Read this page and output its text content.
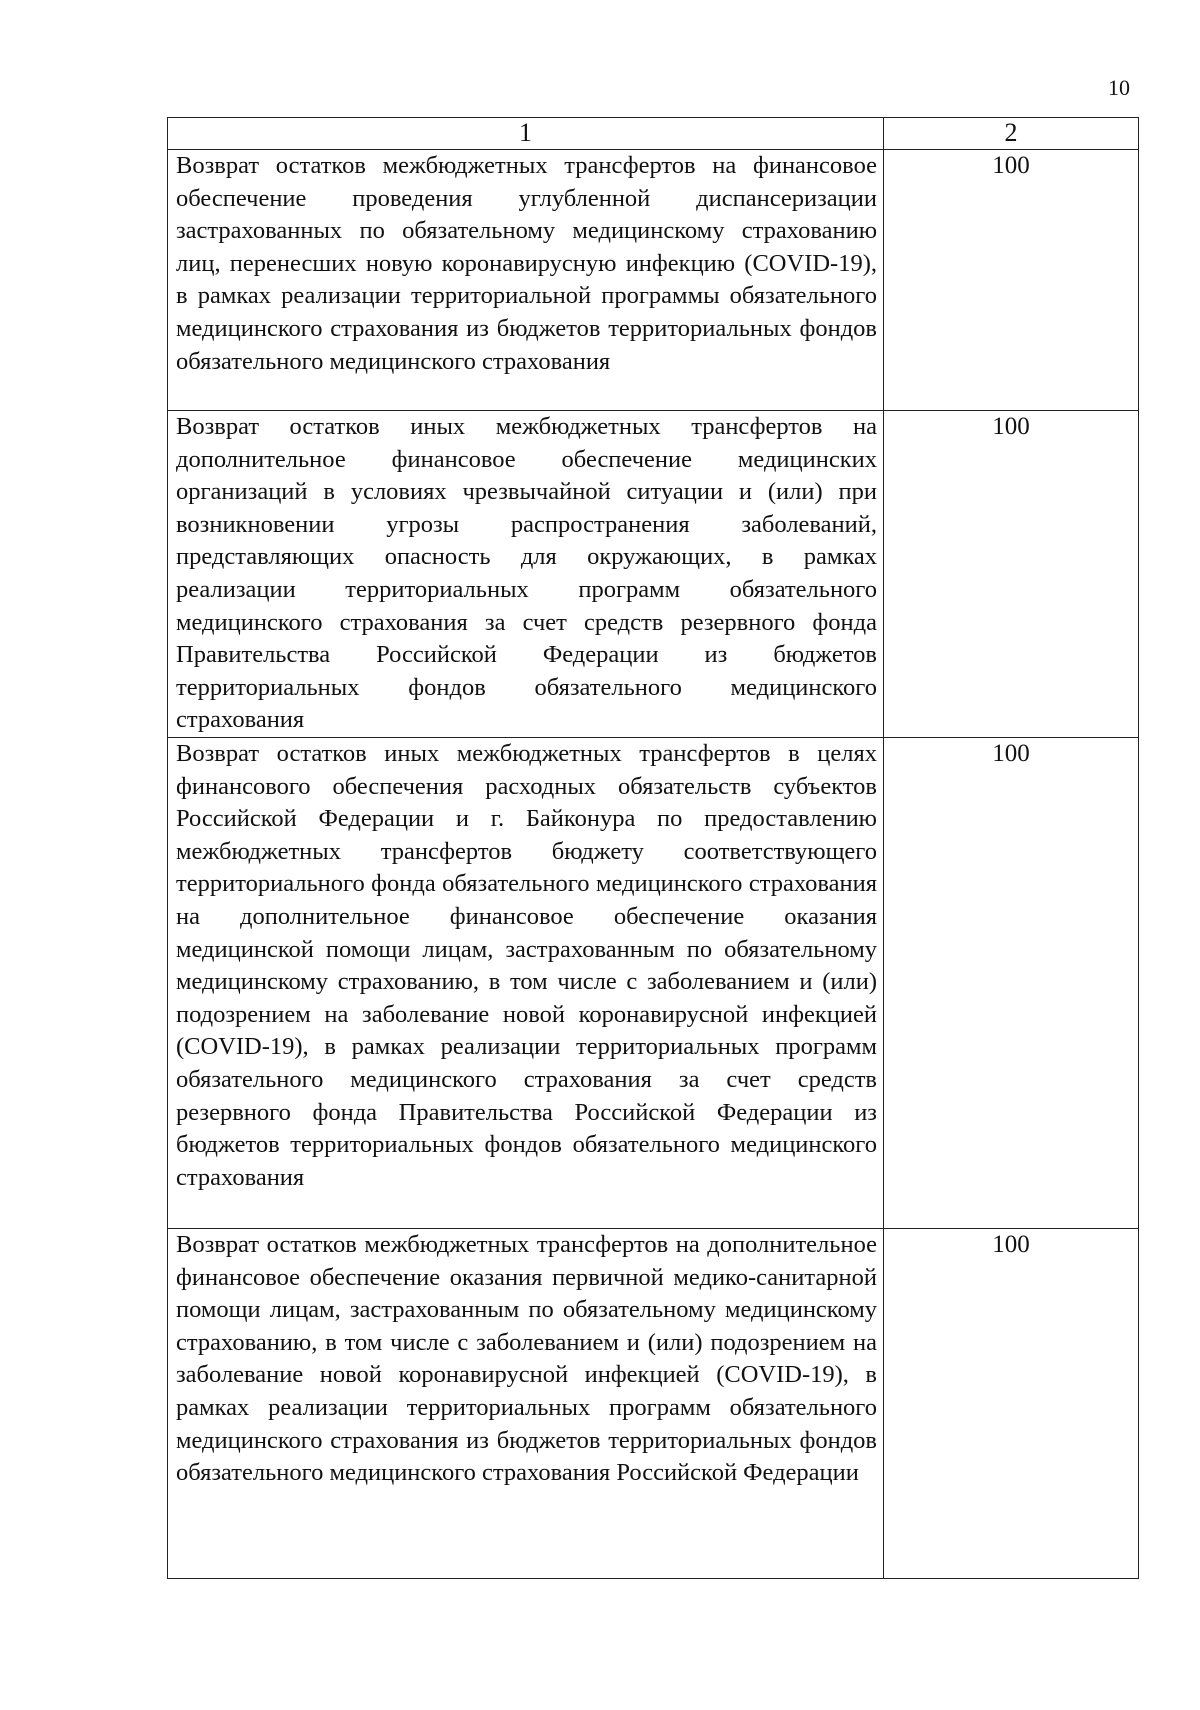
10
1	2
Возврат остатков межбюджетных трансфертов на финансовое обеспечение проведения углубленной диспансеризации застрахованных по обязательному медицинскому страхованию лиц, перенесших новую коронавирусную инфекцию (COVID-19), в рамках реализации территориальной программы обязательного медицинского страхования из бюджетов территориальных фондов обязательного медицинского страхования	100
Возврат остатков иных межбюджетных трансфертов на дополнительное финансовое обеспечение медицинских организаций в условиях чрезвычайной ситуации и (или) при возникновении угрозы распространения заболеваний, представляющих опасность для окружающих, в рамках реализации территориальных программ обязательного медицинского страхования за счет средств резервного фонда Правительства Российской Федерации из бюджетов территориальных фондов обязательного медицинского страхования	100
Возврат остатков иных межбюджетных трансфертов в целях финансового обеспечения расходных обязательств субъектов Российской Федерации и г. Байконура по предоставлению межбюджетных трансфертов бюджету соответствующего территориального фонда обязательного медицинского страхования на дополнительное финансовое обеспечение оказания медицинской помощи лицам, застрахованным по обязательному медицинскому страхованию, в том числе с заболеванием и (или) подозрением на заболевание новой коронавирусной инфекцией (COVID-19), в рамках реализации территориальных программ обязательного медицинского страхования за счет средств резервного фонда Правительства Российской Федерации из бюджетов территориальных фондов обязательного медицинского страхования	100
Возврат остатков межбюджетных трансфертов на дополнительное финансовое обеспечение оказания первичной медико-санитарной помощи лицам, застрахованным по обязательному медицинскому страхованию, в том числе с заболеванием и (или) подозрением на заболевание новой коронавирусной инфекцией (COVID-19), в рамках реализации территориальных программ обязательного медицинского страхования из бюджетов территориальных фондов обязательного медицинского страхования Российской Федерации	100
